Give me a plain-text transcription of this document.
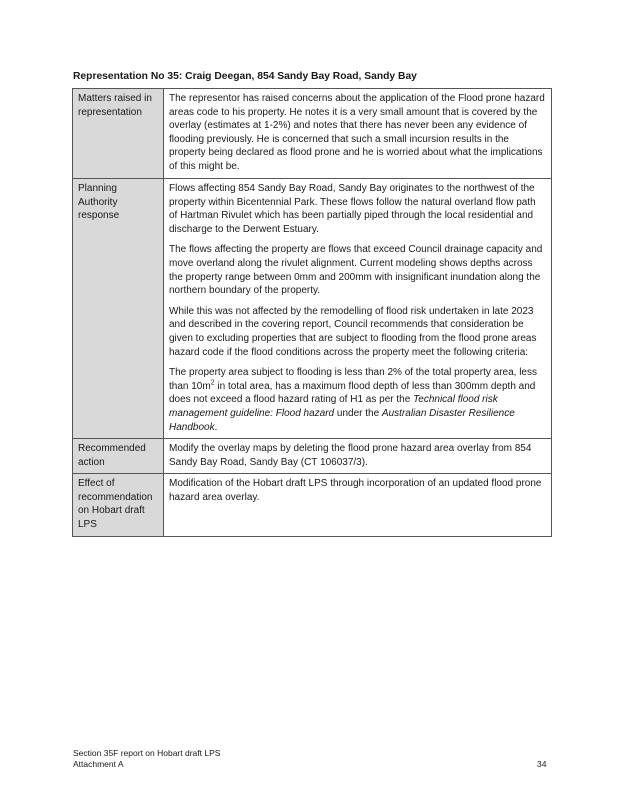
Representation No 35: Craig Deegan, 854 Sandy Bay Road, Sandy Bay
Matters raised in representation	The representor has raised concerns about the application of the Flood prone hazard areas code to his property. He notes it is a very small amount that is covered by the overlay (estimates at 1-2%) and notes that there has never been any evidence of flooding previously. He is concerned that such a small incursion results in the property being declared as flood prone and he is worried about what the implications of this might be.

Planning Authority response	Flows affecting 854 Sandy Bay Road, Sandy Bay originates to the northwest of the property within Bicentennial Park. These flows follow the natural overland flow path of Hartman Rivulet which has been partially piped through the local residential and discharge to the Derwent Estuary.

The flows affecting the property are flows that exceed Council drainage capacity and move overland along the rivulet alignment. Current modeling shows depths across the property range between 0mm and 200mm with insignificant inundation along the northern boundary of the property.

While this was not affected by the remodelling of flood risk undertaken in late 2023 and described in the covering report, Council recommends that consideration be given to excluding properties that are subject to flooding from the flood prone areas hazard code if the flood conditions across the property meet the following criteria:

The property area subject to flooding is less than 2% of the total property area, less than $10m^2$ in total area, has a maximum flood depth of less than 300mm depth and does not exceed a flood hazard rating of H1 as per the Technical flood risk management guideline: Flood hazard under the Australian Disaster Resilience Handbook.

Recommended action	Modify the overlay maps by deleting the flood prone hazard area overlay from 854 Sandy Bay Road, Sandy Bay (CT 106037/3).

Effect of recommendation on Hobart draft LPS	Modification of the Hobart draft LPS through incorporation of an updated flood prone hazard area overlay.

Section 35F report on Hobart draft LPS
Attachment A	34
